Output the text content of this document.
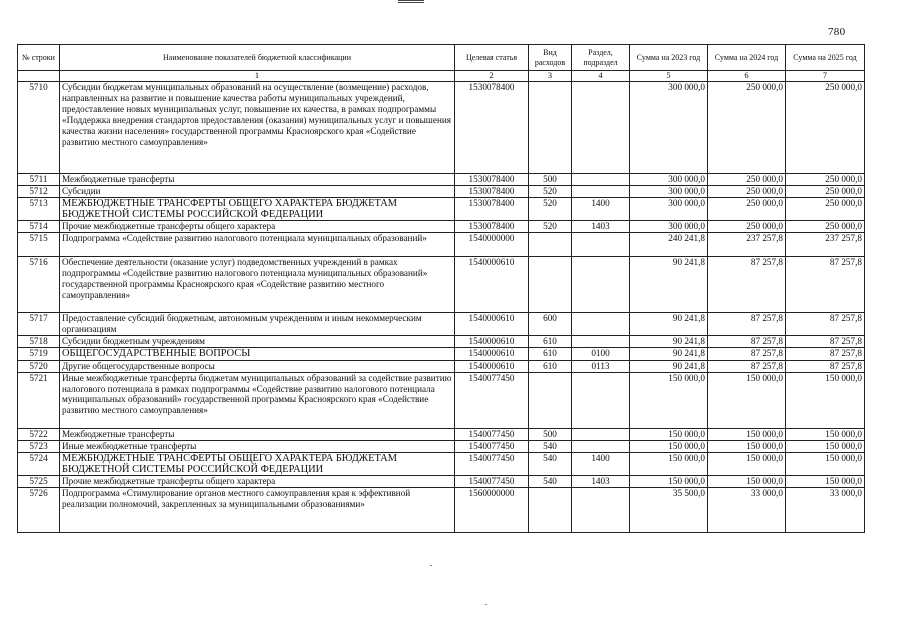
780
№ строки	Наименование показателей бюджетной классификации	Целевая статья	Вид расходов	Раздел, подраздел	Сумма на 2023 год	Сумма на 2024 год	Сумма на 2025 год
	1	2	3	4	5	6	7
5710	Субсидии бюджетам муниципальных образований на осуществление (возмещение) расходов, направленных на развитие и повышение качества работы муниципальных учреждений, предоставление новых муниципальных услуг, повышение их качества, в рамках подпрограммы «Поддержка внедрения стандартов предоставления (оказания) муниципальных услуг и повышения качества жизни населения» государственной программы Красноярского края «Содействие развитию местного самоуправления»	1530078400			300 000,0	250 000,0	250 000,0
5711	Межбюджетные трансферты	1530078400	500		300 000,0	250 000,0	250 000,0
5712	Субсидии	1530078400	520		300 000,0	250 000,0	250 000,0
5713	МЕЖБЮДЖЕТНЫЕ ТРАНСФЕРТЫ ОБЩЕГО ХАРАКТЕРА БЮДЖЕТАМ БЮДЖЕТНОЙ СИСТЕМЫ РОССИЙСКОЙ ФЕДЕРАЦИИ	1530078400	520	1400	300 000,0	250 000,0	250 000,0
5714	Прочие межбюджетные трансферты общего характера	1530078400	520	1403	300 000,0	250 000,0	250 000,0
5715	Подпрограмма «Содействие развитию налогового потенциала муниципальных образований»	1540000000			240 241,8	237 257,8	237 257,8
5716	Обеспечение деятельности (оказание услуг) подведомственных учреждений в рамках подпрограммы «Содействие развитию налогового потенциала муниципальных образований» государственной программы Красноярского края «Содействие развитию местного самоуправления»	1540000610			90 241,8	87 257,8	87 257,8
5717	Предоставление субсидий бюджетным, автономным учреждениям и иным некоммерческим организациям	1540000610	600		90 241,8	87 257,8	87 257,8
5718	Субсидии бюджетным учреждениям	1540000610	610		90 241,8	87 257,8	87 257,8
5719	ОБЩЕГОСУДАРСТВЕННЫЕ ВОПРОСЫ	1540000610	610	0100	90 241,8	87 257,8	87 257,8
5720	Другие общегосударственные вопросы	1540000610	610	0113	90 241,8	87 257,8	87 257,8
5721	Иные межбюджетные трансферты бюджетам муниципальных образований за содействие развитию налогового потенциала в рамках подпрограммы «Содействие развитию налогового потенциала муниципальных образований» государственной программы Красноярского края «Содействие развитию местного самоуправления»	1540077450			150 000,0	150 000,0	150 000,0
5722	Межбюджетные трансферты	1540077450	500		150 000,0	150 000,0	150 000,0
5723	Иные межбюджетные трансферты	1540077450	540		150 000,0	150 000,0	150 000,0
5724	МЕЖБЮДЖЕТНЫЕ ТРАНСФЕРТЫ ОБЩЕГО ХАРАКТЕРА БЮДЖЕТАМ БЮДЖЕТНОЙ СИСТЕМЫ РОССИЙСКОЙ ФЕДЕРАЦИИ	1540077450	540	1400	150 000,0	150 000,0	150 000,0
5725	Прочие межбюджетные трансферты общего характера	1540077450	540	1403	150 000,0	150 000,0	150 000,0
5726	Подпрограмма «Стимулирование органов местного самоуправления края к эффективной реализации полномочий, закрепленных за муниципальными образованиями»	1560000000			35 500,0	33 000,0	33 000,0
